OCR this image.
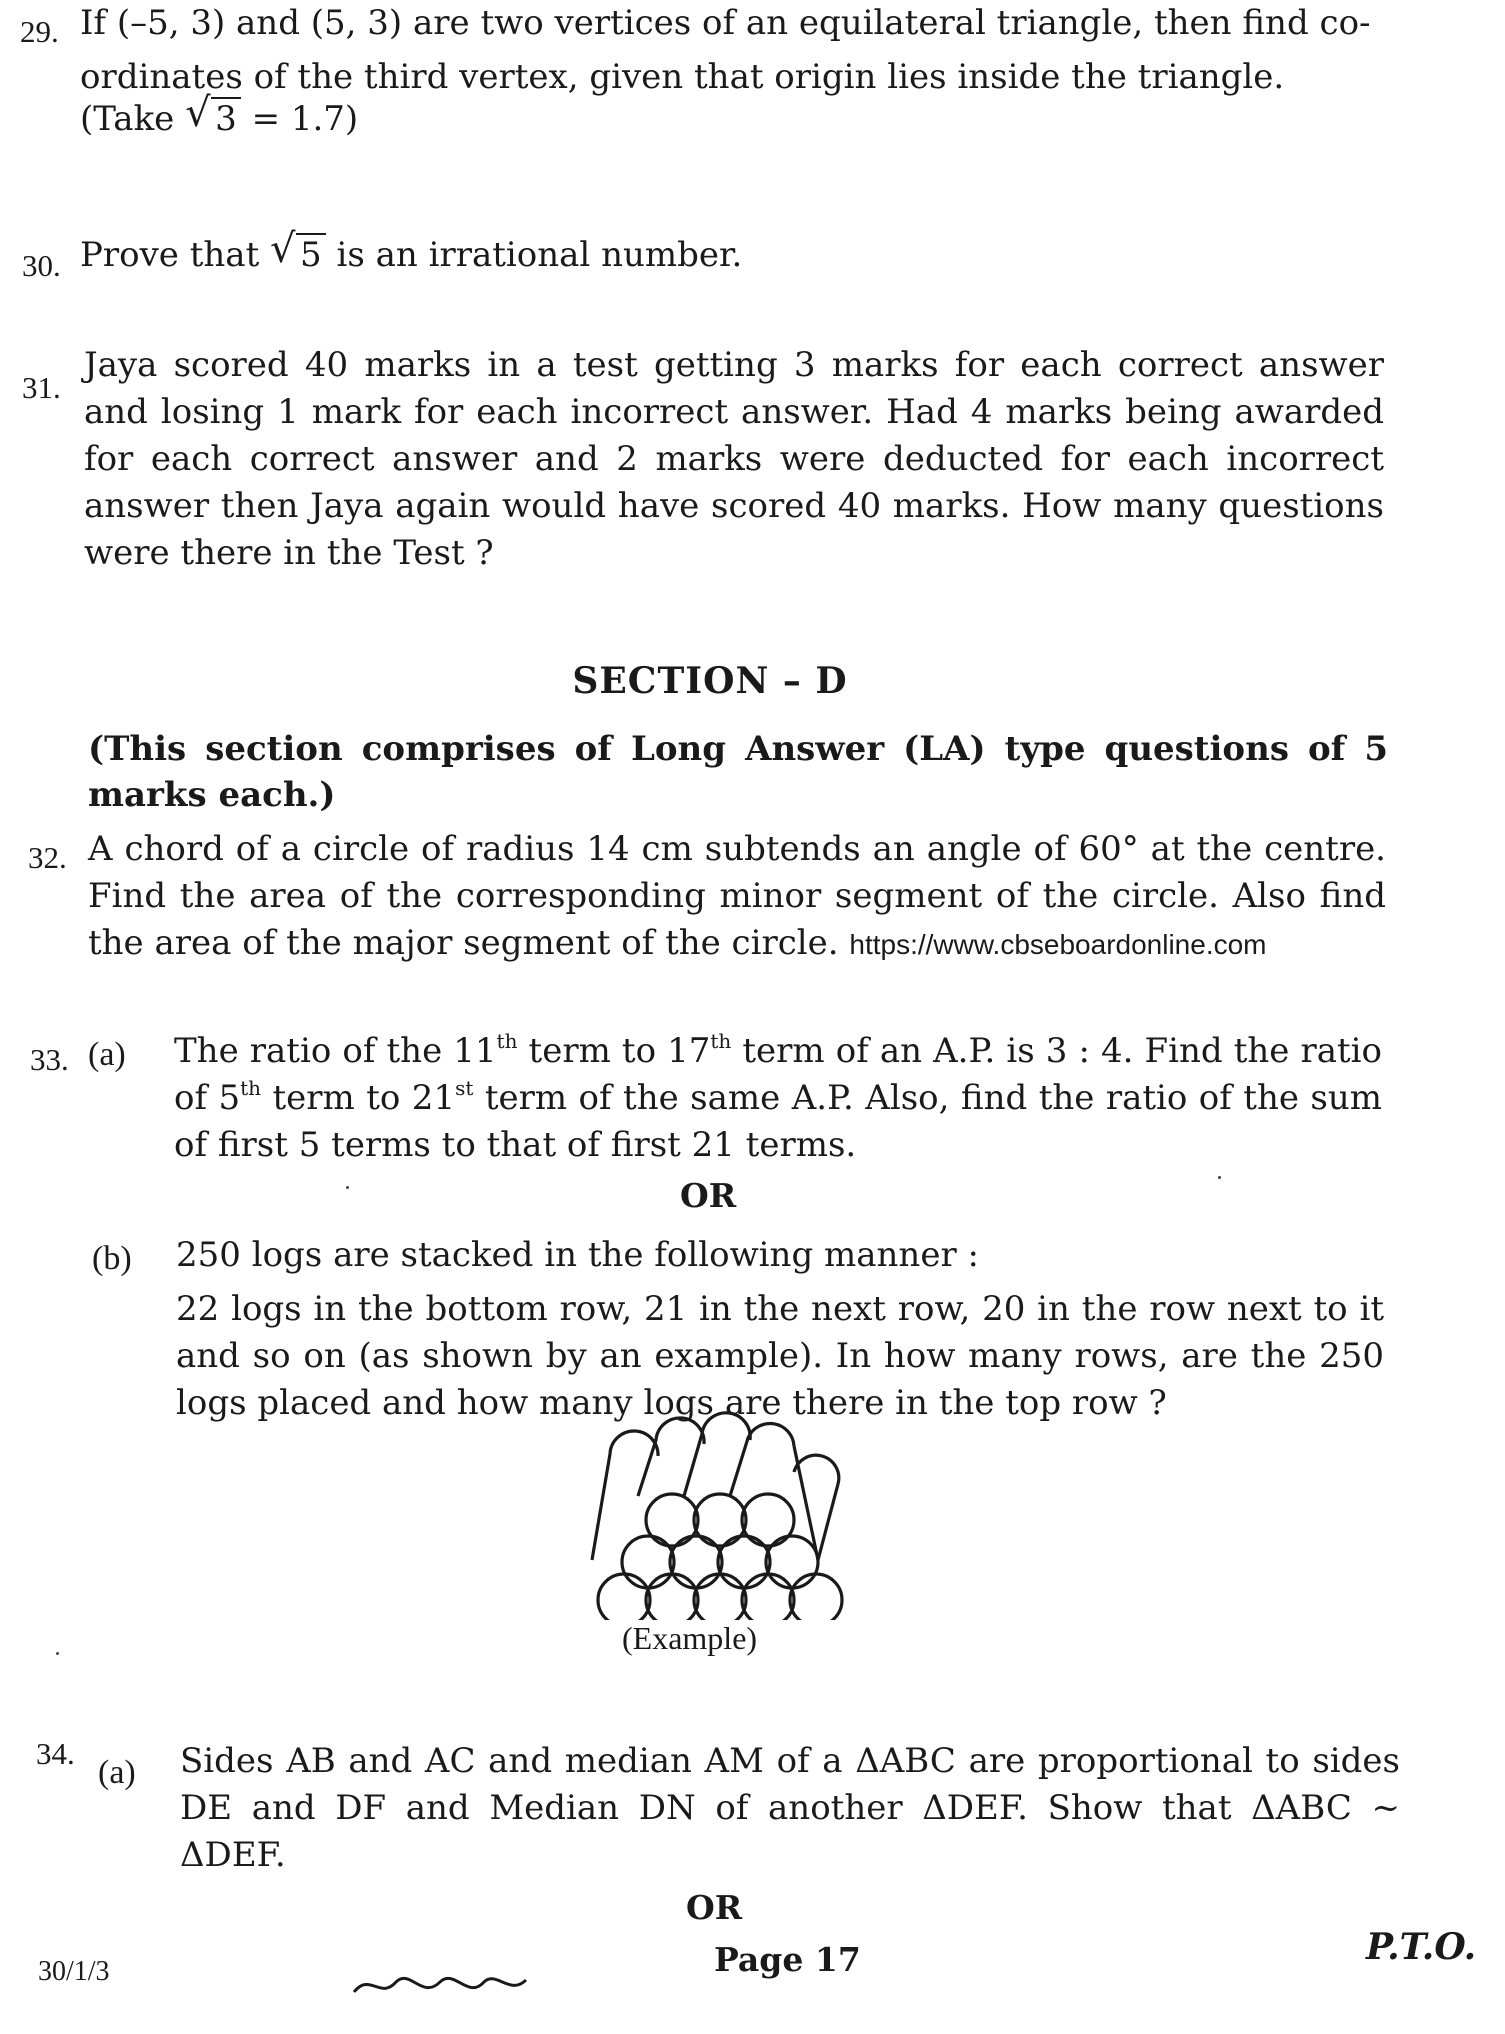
29. If (–5, 3) and (5, 3) are two vertices of an equilateral triangle, then find co-
ordinates of the third vertex, given that origin lies inside the triangle.
(Take √ 3 = 1.7)
30. Prove that √ 5 is an irrational number.
31.
Jaya scored 40 marks in a test getting 3 marks for each correct answer and losing 1 mark for each incorrect answer. Had 4 marks being awarded for each correct answer and 2 marks were deducted for each incorrect answer then Jaya again would have scored 40 marks. How many questions were there in the Test ?
SECTION – D
(This section comprises of Long Answer (LA) type questions of 5 marks each.)
32. A chord of a circle of radius 14 cm subtends an angle of 60° at the centre. Find the area of the corresponding minor segment of the circle. Also find the area of the major segment of the circle. https://www.cbseboardonline.com
33. (a) The ratio of the 11th term to 17th term of an A.P. is 3 : 4. Find the ratio of 5th term to 21st term of the same A.P. Also, find the ratio of the sum of first 5 terms to that of first 21 terms.
OR
(b) 250 logs are stacked in the following manner :
22 logs in the bottom row, 21 in the next row, 20 in the row next to it and so on (as shown by an example). In how many rows, are the 250 logs placed and how many logs are there in the top row ?
(Example)
34.
(a) Sides AB and AC and median AM of a ΔABC are proportional to sides DE and DF and Median DN of another ΔDEF. Show that ΔABC ~ ΔDEF.
OR
30/1/3	Page 17	P.T.O.
